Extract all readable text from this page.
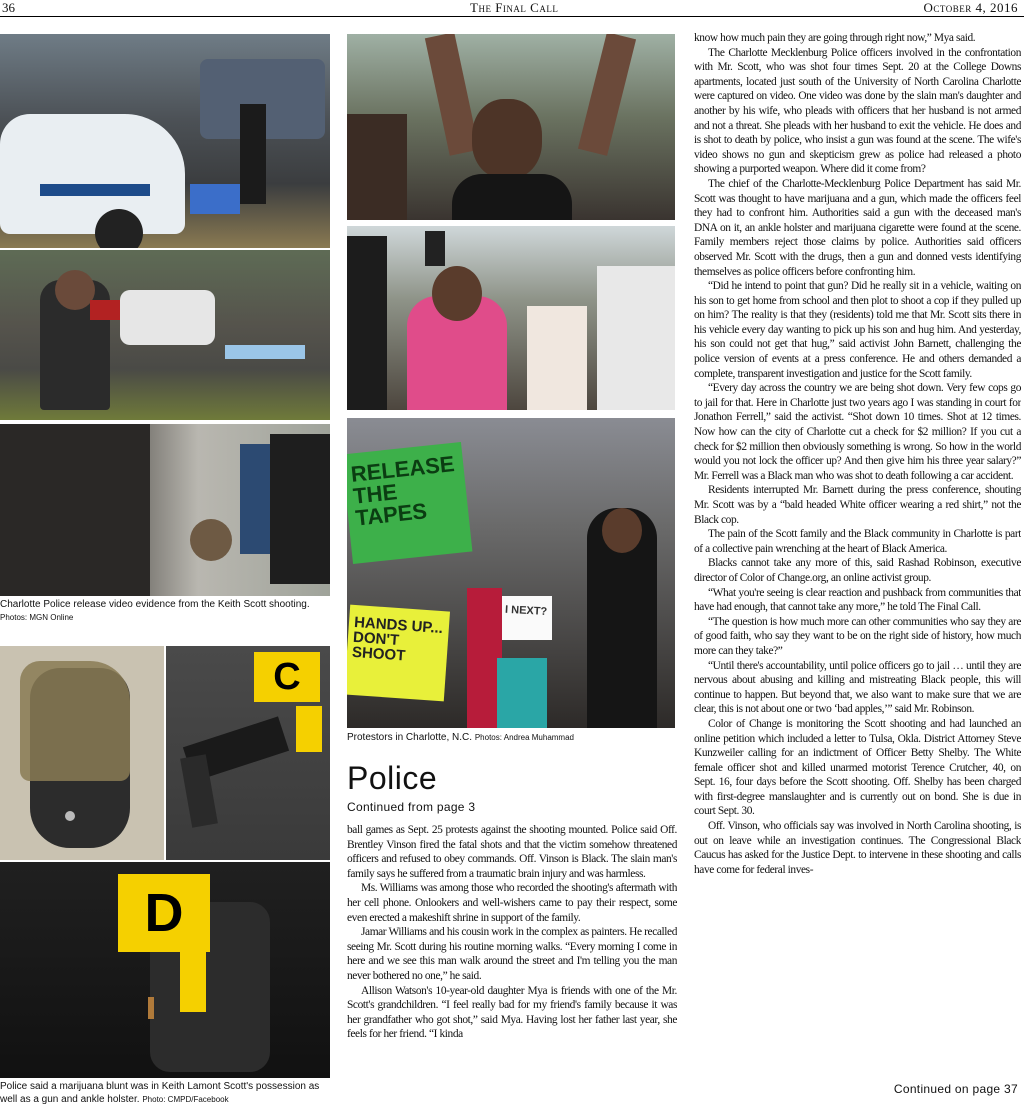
36	The Final Call	October 4, 2016
Charlotte Police release video evidence from the Keith Scott shooting. Photos: MGN Online
C
D
Police said a marijuana blunt was in Keith Lamont Scott's possession as well as a gun and ankle holster. Photo: CMPD/Facebook
RELEASE THE TAPES
HANDS UP... DON'T SHOOT
I NEXT?
Protestors in Charlotte, N.C. Photos: Andrea Muhammad
Police
Continued from page 3

ball games as Sept. 25 protests against the shooting mounted. Police said Off. Brentley Vinson fired the fatal shots and that the victim somehow threatened officers and refused to obey commands. Off. Vinson is Black. The slain man's family says he suffered from a traumatic brain injury and was harmless.

Ms. Williams was among those who recorded the shooting's aftermath with her cell phone. Onlookers and well-wishers came to pay their respect, some even erected a makeshift shrine in support of the family.

Jamar Williams and his cousin work in the complex as painters. He recalled seeing Mr. Scott during his routine morning walks. “Every morning I come in here and we see this man walk around the street and I'm telling you the man never bothered no one,” he said.

Allison Watson's 10-year-old daughter Mya is friends with one of the Mr. Scott's grandchildren. “I feel really bad for my friend's family because it was her grandfather who got shot,” said Mya. Having lost her father last year, she feels for her friend. “I kinda

know how much pain they are going through right now,” Mya said.

The Charlotte Mecklenburg Police officers involved in the confrontation with Mr. Scott, who was shot four times Sept. 20 at the College Downs apartments, located just south of the University of North Carolina Charlotte were captured on video. One video was done by the slain man's daughter and another by his wife, who pleads with officers that her husband is not armed and not a threat. She pleads with her husband to exit the vehicle. He does and is shot to death by police, who insist a gun was found at the scene. The wife's video shows no gun and skepticism grew as police had released a photo showing a purported weapon. Where did it come from?

The chief of the Charlotte-Mecklenburg Police Department has said Mr. Scott was thought to have marijuana and a gun, which made the officers feel they had to confront him. Authorities said a gun with the deceased man's DNA on it, an ankle holster and marijuana cigarette were found at the scene. Family members reject those claims by police. Authorities said officers observed Mr. Scott with the drugs, then a gun and donned vests identifying themselves as police officers before confronting him.

“Did he intend to point that gun? Did he really sit in a vehicle, waiting on his son to get home from school and then plot to shoot a cop if they pulled up on him? The reality is that they (residents) told me that Mr. Scott sits there in his vehicle every day wanting to pick up his son and hug him. And yesterday, his son could not get that hug,” said activist John Barnett, challenging the police version of events at a press conference. He and others demanded a complete, transparent investigation and justice for the Scott family.

“Every day across the country we are being shot down. Very few cops go to jail for that. Here in Charlotte just two years ago I was standing in court for Jonathon Ferrell,” said the activist. “Shot down 10 times. Shot at 12 times. Now how can the city of Charlotte cut a check for $2 million? If you cut a check for $2 million then obviously something is wrong. So how in the world would you not lock the officer up? And then give him his three year salary?” Mr. Ferrell was a Black man who was shot to death following a car accident.

Residents interrupted Mr. Barnett during the press conference, shouting Mr. Scott was by a “bald headed White officer wearing a red shirt,” not the Black cop.

The pain of the Scott family and the Black community in Charlotte is part of a collective pain wrenching at the heart of Black America.

Blacks cannot take any more of this, said Rashad Robinson, executive director of Color of Change.org, an online activist group.

“What you're seeing is clear reaction and pushback from communities that have had enough, that cannot take any more,” he told The Final Call.

“The question is how much more can other communities who say they are of good faith, who say they want to be on the right side of history, how much more can they take?”

“Until there's accountability, until police officers go to jail … until they are nervous about abusing and killing and mistreating Black people, this will continue to happen. But beyond that, we also want to make sure that we are clear, this is not about one or two ‘bad apples,’” said Mr. Robinson.

Color of Change is monitoring the Scott shooting and had launched an online petition which included a letter to Tulsa, Okla. District Attorney Steve Kunzweiler calling for an indictment of Officer Betty Shelby. The White female officer shot and killed unarmed motorist Terence Crutcher, 40, on Sept. 16, four days before the Scott shooting. Off. Shelby has been charged with first-degree manslaughter and is currently out on bond. She is due in court Sept. 30.

Off. Vinson, who officials say was involved in North Carolina shooting, is out on leave while an investigation continues. The Congressional Black Caucus has asked for the Justice Dept. to intervene in these shooting and calls have come for federal inves-

Continued on page 37
